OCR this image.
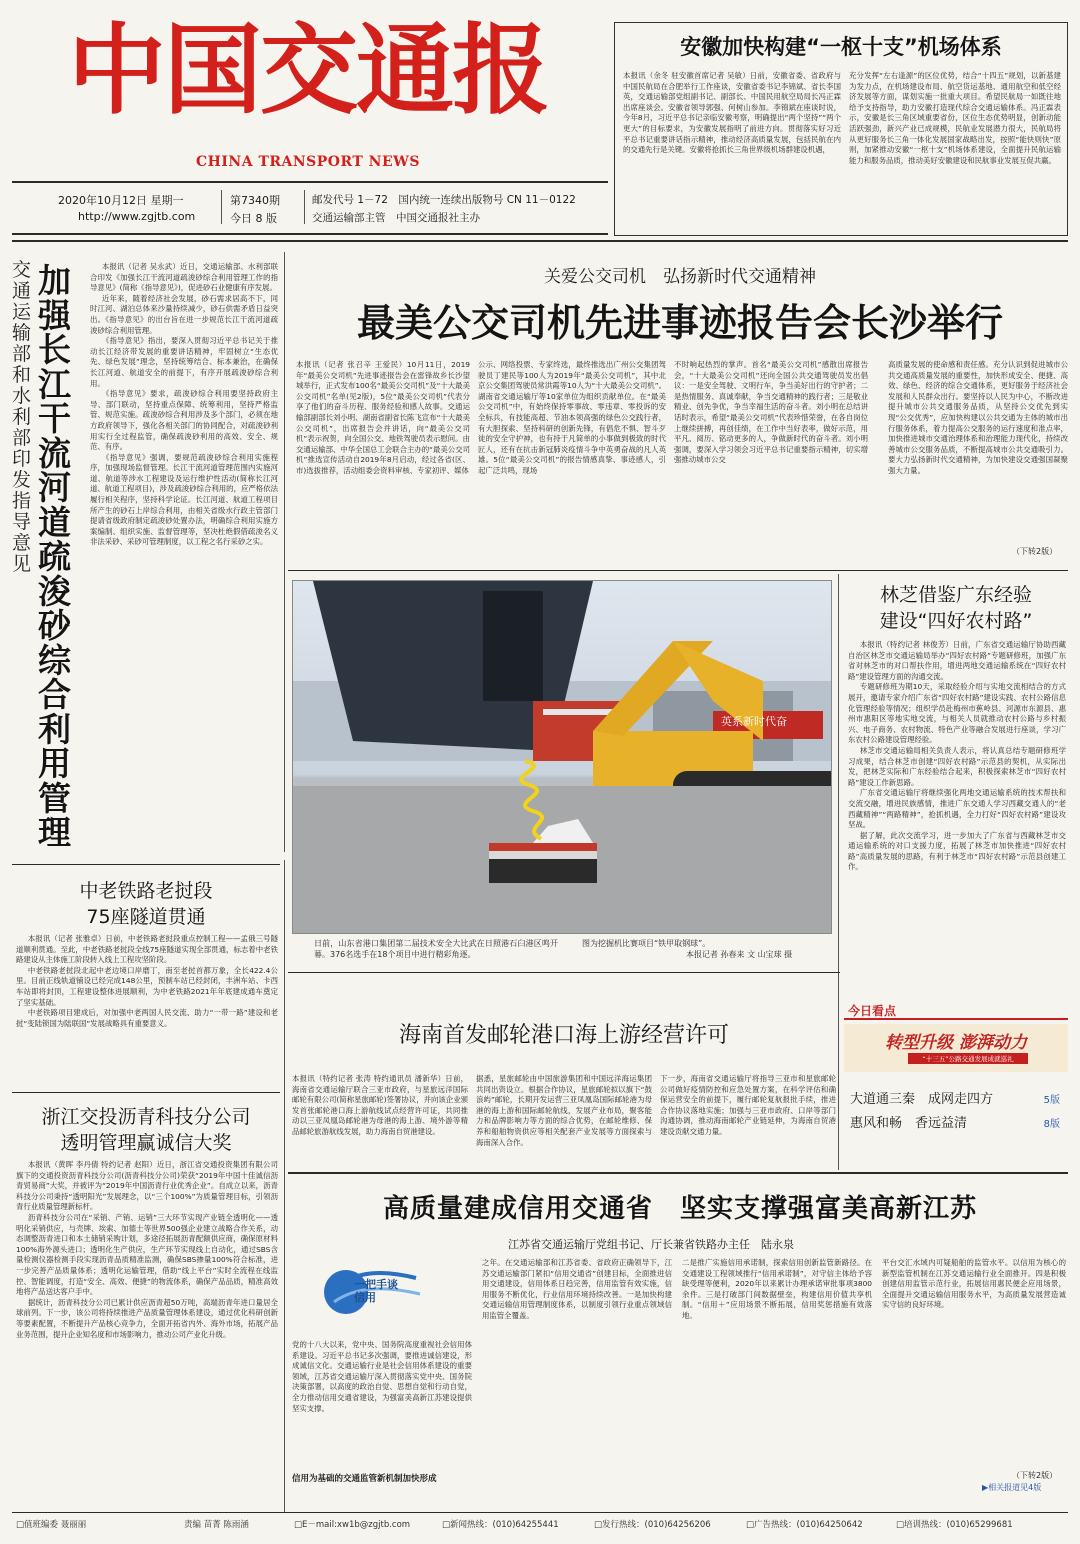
中国交通报
CHINA TRANSPORT NEWS
2020年10月12日 星期一
http://www.zgjtb.com
第7340期
今日 8 版
邮发代号 1－72　国内统一连续出版物号 CN 11－0122
交通运输部主管　中国交通报社主办
安徽加快构建“一枢十支”机场体系
本报讯（余冬 驻安徽首席记者 吴敏）日前，安徽省委、省政府与中国民航局在合肥举行工作座谈，安徽省委书记李锦斌、省长李国英，交通运输部党组副书记、副部长、中国民用航空局局长冯正霖出席座谈会。安徽省领导郭强、何树山参加。李锦斌在座谈时说，今年8月，习近平总书记亲临安徽考察，明确提出“两个坚持”“两个更大”的目标要求，为安徽发展指明了前进方向。贯彻落实好习近平总书记重要讲话指示精神，推动经济高质量发展，包括民航在内的交通先行是关键。安徽将抢抓长三角世界级机场群建设机遇，
充分发挥“左右逢源”的区位优势，结合“十四五”规划，以新基建为发力点，在机场建设布局、航空货运基地、通用航空和低空经济发展等方面，谋划实施一批重大项目。希望民航局一如既往地给予支持指导，助力安徽打造现代综合交通运输体系。冯正霖表示，安徽是长三角区域重要省份，区位生态优势明显，创新动能活跃强劲，新兴产业已成规模，民航业发展潜力很大，民航局将从更好服务长三角一体化发展国家战略出发，按照“能快则快”原则，加紧推动安徽“一枢十支”机场体系建设，全面提升民航运输能力和服务品质，推动美好安徽建设和民航事业发展互促共赢。
交通运输部和水利部印发指导意见
加强长江干流河道疏浚砂综合利用管理

本报讯（记者 吴永武）近日，交通运输部、水利部联合印发《加强长江干流河道疏浚砂综合利用管理工作的指导意见》(简称《指导意见》)，促进砂石业健康有序发展。

近年来，随着经济社会发展，砂石需求居高不下，同时江河、湖泊总体来沙量持续减少，砂石供需矛盾日益突出。《指导意见》的出台旨在进一步规范长江干流河道疏浚砂综合利用管理。

《指导意见》指出，要深入贯彻习近平总书记关于推动长江经济带发展的重要讲话精神，牢固树立“生态优先、绿色发展”理念，坚持统筹结合、标本兼治，在确保长江河道、航道安全的前提下，有序开展疏浚砂综合利用。

《指导意见》要求，疏浚砂综合利用要坚持政府主导、部门联动，坚持重点保障、统筹利用，坚持严格监管、规范实施。疏浚砂综合利用涉及多个部门，必须在地方政府领导下，强化各相关部门的协同配合，对疏浚砂利用实行全过程监管，确保疏浚砂利用的高效、安全、规范、有序。

《指导意见》强调，要规范疏浚砂综合利用实施程序，加强现场监督管理。长江干流河道管理范围内实施河道、航道等涉水工程建设及运行维护性活动(简称长江河道、航道工程项目)，涉及疏浚砂综合利用的，应严格依法履行相关程序，坚持科学论证。长江河道、航道工程项目所产生的砂石上岸综合利用，由相关省级水行政主管部门提请省级政府制定疏浚砂处置办法，明确综合利用实施方案编制、组织实施、监督管理等，坚决杜绝假借疏浚名义非法采砂、采砂可管理制度，以工程之名行采砂之实。

中老铁路老挝段
75座隧道贯通

本报讯（记者 张雅卓）日前，中老铁路老挝段重点控制工程——孟俄三号隧道顺利贯通。至此，中老铁路老挝段全线75座隧道实现全部贯通，标志着中老铁路建设从主体施工阶段转入线上工程攻坚阶段。

中老铁路老挝段北起中老边境口岸磨丁，南至老挝首都万象，全长422.4公里。目前正线轨道铺设已经完成148公里，预制车站已经封闭，丰洲车站、卡西车站即将封顶，工程建设整体进展顺利，为中老铁路2021年年底建成通车奠定了坚实基础。

中老铁路项目建成后，对加强中老两国人民交流、助力“一带一路”建设和老挝“变陆锁国为陆联国”发展战略具有重要意义。

浙江交投沥青科技分公司
透明管理赢诚信大奖

本报讯（黄晖 李丹倩 特约记者 赵阳）近日，浙江省交通投资集团有限公司旗下的交通投资沥青科技分公司(沥青科技分公司)荣获“2019年中国十佳诚信沥青贸易商”大奖，并被评为“2019年中国沥青行业优秀企业”。自成立以来，沥青科技分公司秉持“透明阳光”发展理念，以“三个100%”为质量管理目标，引领沥青行业质量管理新标杆。

沥青科技分公司在“采销、产销、运销”三大环节实现产业链全透明化——透明化采销供应，与壳牌、埃索、加德士等世界500强企业建立战略合作关系，动态调整沥青进口和本土储销采购计划，多途径拓展沥青配额供应商，确保原材料100%海外源头进口；透明化生产供应，生产环节实现线上自动化，通过SBS含量检测仪器检测手段实现沥青品质精准监测，确保SBS掺量100%符合标准，进一步完善产品质量体系；透明化运输管理，借助“线上平台”实时全流程在线监控、智能调度，打造“安全、高效、便捷”的物流体系，确保产品品质，精准高效地将产品送达客户手中。

据统计，沥青科技分公司已累计供应沥青超50万吨，高端沥青年进口量居全球前列。下一步，该公司将持续推进产品质量管理体系建设，通过优化科研创新等要素配置，不断提升产品核心竞争力，全面开拓省内外、海外市场，拓展产品业务范围，提升企业知名度和市场影响力，推动公司产业化升级。

关爱公交司机　弘扬新时代交通精神
最美公交司机先进事迹报告会长沙举行
本报讯（记者 张召辛 王爱民）10月11日，2019年“最美公交司机”先进事迹报告会在雷锋故乡长沙望城举行，正式发布100名“最美公交司机”及“十大最美公交司机”名单(见2版)，5位“最美公交司机”代表分享了他们的奋斗历程、服务经验和感人故事。交通运输部副部长刘小明、湖南省副省长陈飞宣布“十大最美公交司机”，出席报告会并讲话，向“最美公交司机”表示祝贺，向全国公交、地铁驾驶员表示慰问。由交通运输部、中华全国总工会联合主办的“最美公交司机”推选宣传活动自2019年8月启动，经过各省(区、市)选拔推荐，活动组委会资料审核、专家初评、媒体
公示、网络投票、专家终选，最终推选出广州公交集团驾驶员丁建民等100人为2019年“最美公交司机”，其中北京公交集团驾驶员常洪霞等10人为“十大最美公交司机”。湖南省交通运输厅等10家单位为组织贡献单位。在“最美公交司机”中，有始终保持零事故、零违章、零投诉的安全标兵，有技能高超、节油本领高强的绿色公交践行者，有大胆探索、坚持科研的创新先锋，有倡危不惧、智斗歹徒的安全守护神，也有持于凡简单的小事做到极致的时代匠人，还有在抗击新冠肺炎疫情斗争中英勇奋战的凡人英雄。5位“最美公交司机”的报告情感真挚、事迹感人，引起广泛共鸣，现场
不时响起热烈的掌声。首名“最美公交司机”感散出席报告会，“十大最美公交司机”还向全国公共交通驾驶员发出倡议：一是安全驾驶、文明行车，争当美好出行的守护者；二是热情服务、真诚奉献，争当交通精神的践行者；三是敬业精业、创先争优，争当幸福生活的奋斗者。刘小明在总结讲话时表示，希望“最美公交司机”代表珍惜荣誉，在各自岗位上继续拼搏，再创佳绩，在工作中当好表率，做好示范，用平凡、阅历、铭动更多的人，争做新时代的奋斗者。刘小明强调，要深入学习领会习近平总书记重要指示精神，切实增强推动城市公交
高质量发展的使命感和责任感。充分认识到促进城市公共交通高质量发展的重要性，加快形成安全、便捷、高效、绿色、经济的综合交通体系，更好服务于经济社会发展和人民群众出行。要坚持以人民为中心，不断改进提升城市公共交通服务品质，从坚持公交优先到实现“公交优秀”，应加快构建以公共交通为主体的城市出行服务体系，着力提高公交服务的运行速度和准点率，加快推进城市交通治理体系和治理能力现代化，持续改善城市公交服务品质，不断提高城市公共交通吸引力。要大力弘扬新时代交通精神，为加快建设交通强国凝聚强大力量。
（下转2版）
英系新时代奋
日前，山东省港口集团第二届技术安全大比武在日照港石臼港区鸣开幕。376名选手在18个项目中进行精彩角逐。
图为挖掘机比赛项目“铁甲取钢球”。
本报记者 孙春来 文 山宝球 摄
林芝借鉴广东经验
建设“四好农村路”

本报讯（特约记者 林俊芳）日前，广东省交通运输厅协助西藏自治区林芝市交通运输局举办“四好农村路”专题研修班，加强广东省对林芝市的对口帮扶作用，增进两地交通运输系统在“四好农村路”建设管理方面的沟通交流。

专题研修班为期10天，采取经验介绍与实地交流相结合的方式展开，邀请专家介绍广东省“四好农村路”建设实践、农村公路信息化管理经验等情况；组织学员赴梅州市蕉岭县、河源市东源县、惠州市惠阳区等地实地交流，与相关人员就推动农村公路与乡村振兴、电子商务、农村物流、特色产业等融合发展进行座谈，学习广东农村公路建设管理经验。

林芝市交通运输局相关负责人表示，将认真总结专题研修班学习成果，结合林芝市创建“四好农村路”示范县的契机，从实际出发，把林芝实际和广东经验结合起来，积极探索林芝市“四好农村路”建设工作新思路。

广东省交通运输厅将继续强化两地交通运输系统的技术帮扶和交流交融，增进民族感情，推进广东交通人学习西藏交通人的“老西藏精神”“两路精神”，抢抓机遇，全力打好“四好农村路”建设攻坚战。

据了解，此次交流学习，进一步加大了广东省与西藏林芝市交通运输系统的对口支援力度，拓展了林芝市加快推进“四好农村路”高质量发展的思路，有利于林芝市“四好农村路”示范县创建工作。

海南首发邮轮港口海上游经营许可
本报讯（特约记者 张涛 特约通讯员 潘新华）日前，海南省交通运输厅联合三亚市政府，与星旅远洋国际邮轮有限公司(简称星旅邮轮)签署协议，并向该企业颁发首张邮轮港口海上游航线试点经营许可证，共同推动以三亚凤凰岛邮轮港为母港的海上游、境外游等精品邮轮旅游航线发展，助力海南自贸港建设。
据悉，星旅邮轮由中国旅游集团和中国远洋海运集团共同出资设立。根据合作协议，星旅邮轮拟以旗下“鼓浪屿”邮轮，长期开发运营三亚凤凰岛国际邮轮港为母港的海上游和国际邮轮航线，发展产业布局，聚客能力和品牌影响力等方面的综合优势，在邮轮维修、保养和船舶物资供应等相关配套产业发展等方面探索与海南深入合作。
下一步，海南省交通运输厅将指导三亚市和星旅邮轮公司做好疫情防控和应急处置方案，在科学评估和确保运营安全的前提下，履行邮轮复航报批手续，推进合作协议落地实施；加强与三亚市政府、口岸等部门沟通协调，推动海南邮轮产业链延伸，为海南自贸港建设贡献交通力量。
今日看点
转型升级 澎湃动力
“十三五”公路交通发展成就巡礼
大道通三秦　成网走四方	5版
惠风和畅　香远益清	8版
高质量建成信用交通省　坚实支撑强富美高新江苏
江苏省交通运输厅党组书记、厅长兼省铁路办主任　陆永泉
一把手谈信用
党的十八大以来，党中央、国务院高度重视社会信用体系建设。习近平总书记多次强调，要推进诚信建设，形成诚信文化。交通运输行业是社会信用体系建设的重要领域，江苏省交通运输厅深入贯彻落实党中央、国务院决策部署，以高度的政治自觉、思想自觉和行动自觉，全力推动信用交通省建设，为强富美高新江苏建设提供坚实支撑。
信用为基础的交通监管新机制加快形成
之年。在交通运输部和江苏省委、省政府正确领导下，江苏交通运输部门紧扣“信用交通省”创建目标，全面推进信用交通建设，信用体系日趋完善，信用监管有效实施，信用服务不断优化，行业信用环境持续改善。一是加快构建交通运输信用管理制度体系，以制度引领行业重点领域信用监管全覆盖。
二是推广实施信用承诺制，探索信用创新监管新路径。在交通建设工程领域推行“信用承诺制”，对守信主体给予容缺受理等便利，2020年以来累计办理承诺审批事项3800余件。三是打破部门间数据壁垒，构建信用价值共享机制。“信用＋”应用场景不断拓展，信用奖惩措施有效落地。
平台交汇水域内可疑船舶的监管水平。以信用为核心的新型监管机制在江苏交通运输行业全面推开。四是积极创建信用监管示范行业，拓展信用惠民便企应用场景，全面提升交通运输信用服务水平，为高质量发展营造诚实守信的良好环境。
（下转2版）
▶相关报道见4版
□值班编委 聂丽丽	责编 苗菁 陈雨涵	□E－mail:xw1b@zgjtb.com	□新闻热线：(010)64255441	□发行热线：(010)64256206	□广告热线：(010)64250642	□培训热线：(010)65299681
